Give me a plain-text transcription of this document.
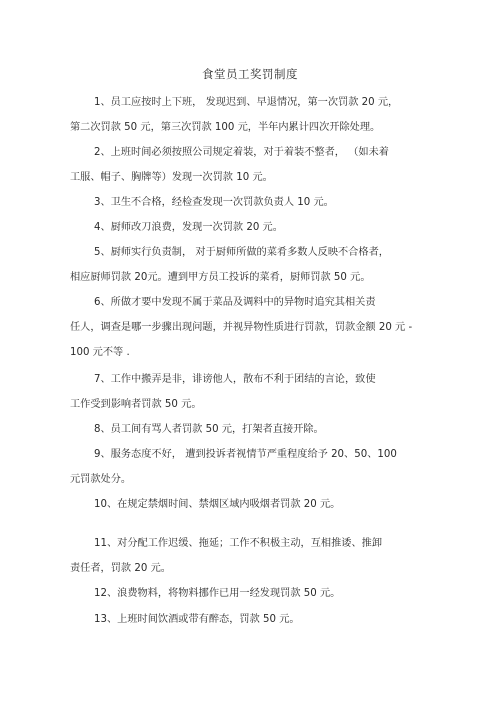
食堂员工奖罚制度
1、员工应按时上下班， 发现迟到、早退情况，第一次罚款 20 元，
第二次罚款 50 元，第三次罚款 100 元，半年内累计四次开除处理。
2、上班时间必须按照公司规定着装，对于着装不整者， （如未着
工服、帽子、胸牌等）发现一次罚款 10 元。
3、卫生不合格，经检查发现一次罚款负责人 10 元。
4、厨师改刀浪费，发现一次罚款 20 元。
5、厨师实行负责制， 对于厨师所做的菜肴多数人反映不合格者，
相应厨师罚款 20元。遭到甲方员工投诉的菜肴，厨师罚款 50 元。
6、所做才要中发现不属于菜品及调料中的异物时追究其相关责
任人，调查是哪一步骤出现问题，并视异物性质进行罚款，罚款金额 20 元 -
100 元不等 .
7、工作中搬弄是非，诽谤他人，散布不利于团结的言论，致使
工作受到影响者罚款 50 元。
8、员工间有骂人者罚款 50 元，打架者直接开除。
9、服务态度不好， 遭到投诉者视情节严重程度给予 20、50、100
元罚款处分。
10、在规定禁烟时间、禁烟区域内吸烟者罚款 20 元。
11、对分配工作迟缓、拖延；工作不积极主动，互相推诿、推卸
责任者，罚款 20 元。
12、浪费物料，将物料挪作已用一经发现罚款 50 元。
13、上班时间饮酒或带有醉态，罚款 50 元。
